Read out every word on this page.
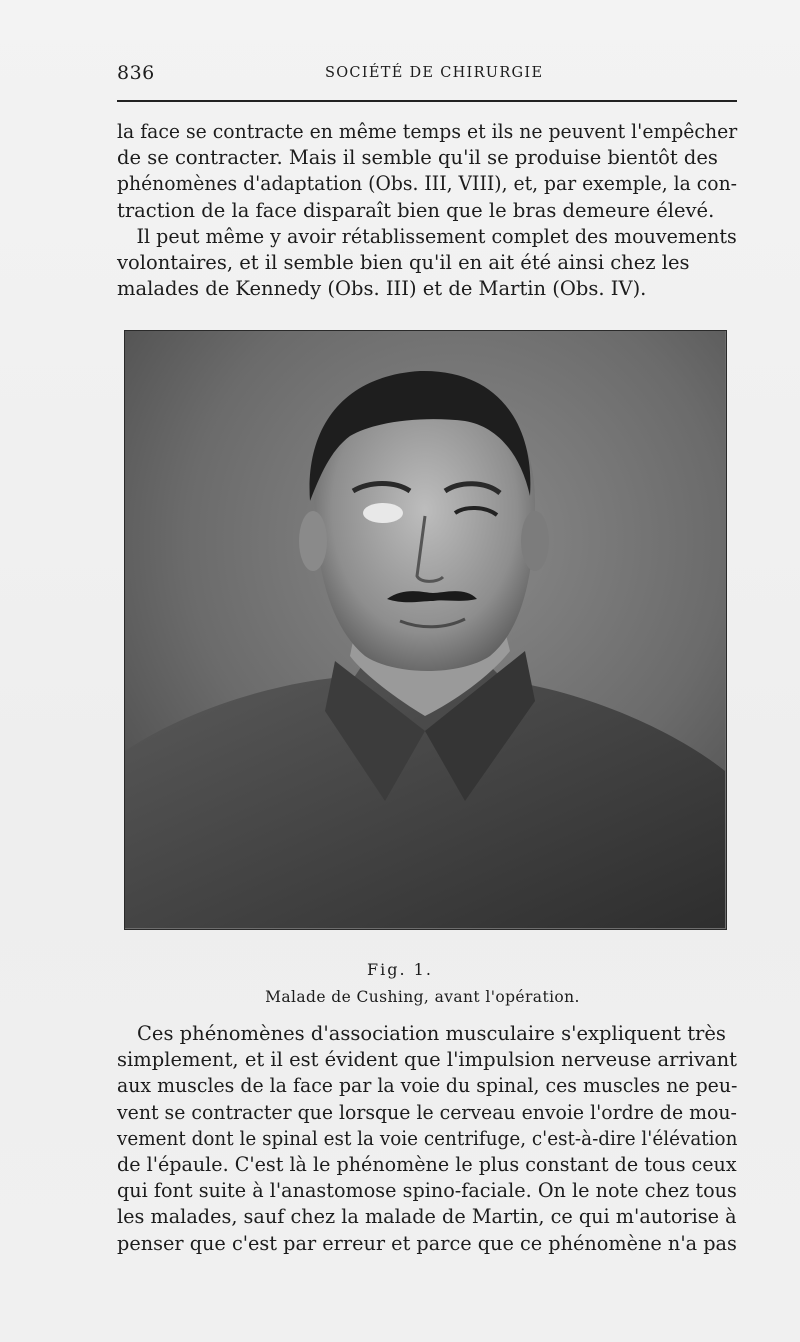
836	SOCIÉTÉ DE CHIRURGIE
la face se contracte en même temps et ils ne peuvent l'empêcher
de se contracter. Mais il semble qu'il se produise bientôt des
phénomènes d'adaptation (Obs. III, VIII), et, par exemple, la con-
traction de la face disparaît bien que le bras demeure élevé.
Il peut même y avoir rétablissement complet des mouvements
volontaires, et il semble bien qu'il en ait été ainsi chez les
malades de Kennedy (Obs. III) et de Martin (Obs. IV).
Fig. 1.
Malade de Cushing, avant l'opération.
Ces phénomènes d'association musculaire s'expliquent très
simplement, et il est évident que l'impulsion nerveuse arrivant
aux muscles de la face par la voie du spinal, ces muscles ne peu-
vent se contracter que lorsque le cerveau envoie l'ordre de mou-
vement dont le spinal est la voie centrifuge, c'est-à-dire l'élévation
de l'épaule. C'est là le phénomène le plus constant de tous ceux
qui font suite à l'anastomose spino-faciale. On le note chez tous
les malades, sauf chez la malade de Martin, ce qui m'autorise à
penser que c'est par erreur et parce que ce phénomène n'a pas
